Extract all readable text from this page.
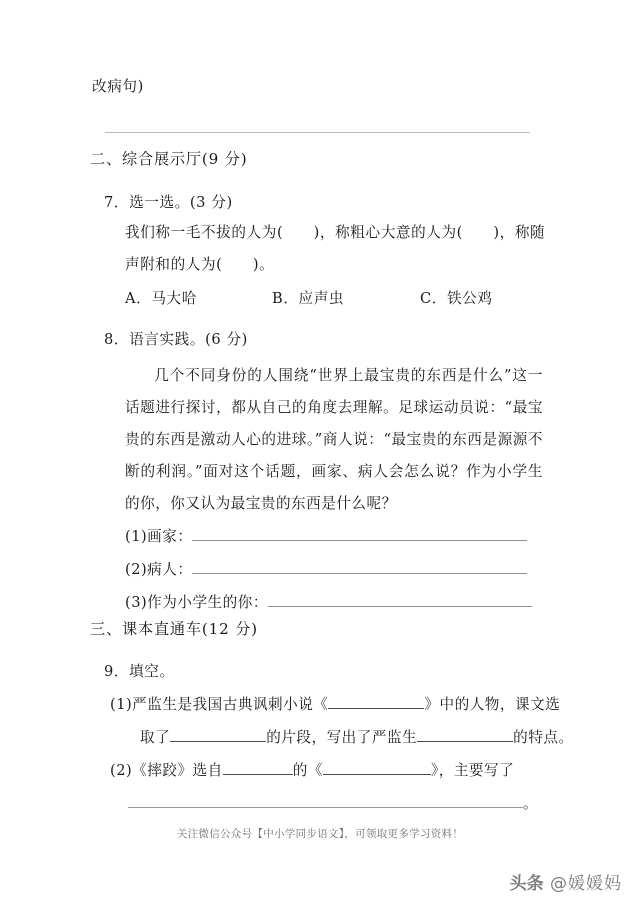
改病句)
二、综合展示厅(9 分)
7．选一选。(3 分)
我们称一毛不拔的人为(　　)，称粗心大意的人为(　　)，称随
声附和的人为(　　)。
A．马大哈	B．应声虫	C．铁公鸡
8．语言实践。(6 分)
几个不同身份的人围绕“世界上最宝贵的东西是什么”这一话题进行探讨，都从自己的角度去理解。足球运动员说：“最宝贵的东西是激动人心的进球。”商人说：“最宝贵的东西是源源不断的利润。”面对这个话题，画家、病人会怎么说？作为小学生的你，你又认为最宝贵的东西是什么呢？
(1)画家：
(2)病人：
(3)作为小学生的你：
三、课本直通车(12 分)
9．填空。
(1)严监生是我国古典讽刺小说《	》中的人物，课文选
取了	的片段，写出了严监生	的特点。
(2)《摔跤》选自	的《	》，主要写了
。
关注微信公众号【中小学同步语文】，可领取更多学习资料！
头条 @媛媛妈
